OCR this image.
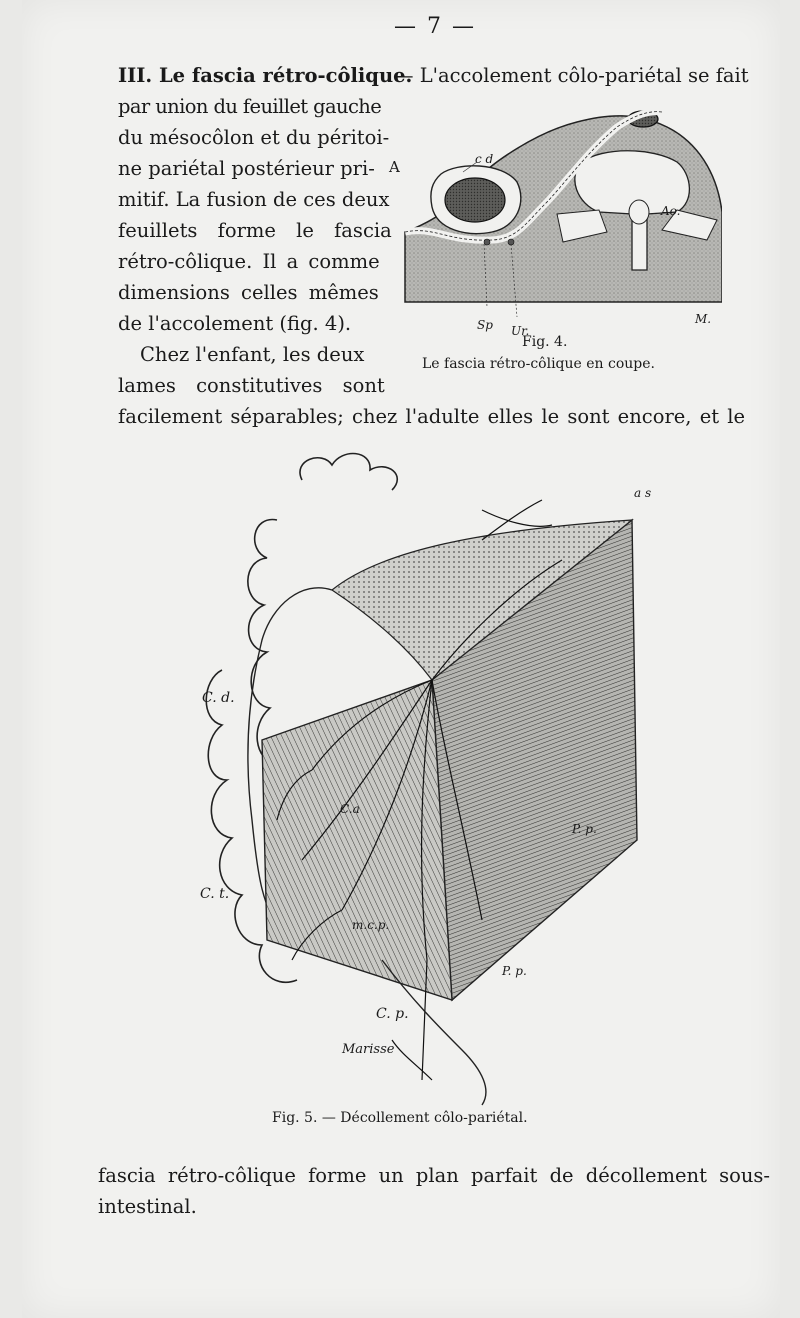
— 7 —
III. Le fascia rétro-côlique.
— L'accolement côlo-pariétal se fait
par union du feuillet gauche
du mésocôlon et du péritoi-
ne pariétal postérieur pri-
mitif. La fusion de ces deux
feuillets forme le fascia
rétro-côlique. Il a comme
dimensions celles mêmes
de l'accolement (fig. 4).
Chez l'enfant, les deux
lames constitutives sont
facilement séparables; chez l'adulte elles le sont encore, et le
A	c d
Ao.
Sp Ur.
M.
Fig. 4.
Le fascia rétro-côlique en coupe.
a s
C. d.
C.a
C. t.
m.c.p.
C. p.
P. p.
P. p.
Marisse
Fig. 5. — Décollement côlo-pariétal.
fascia rétro-côlique forme un plan parfait de décollement sous-
intestinal.
